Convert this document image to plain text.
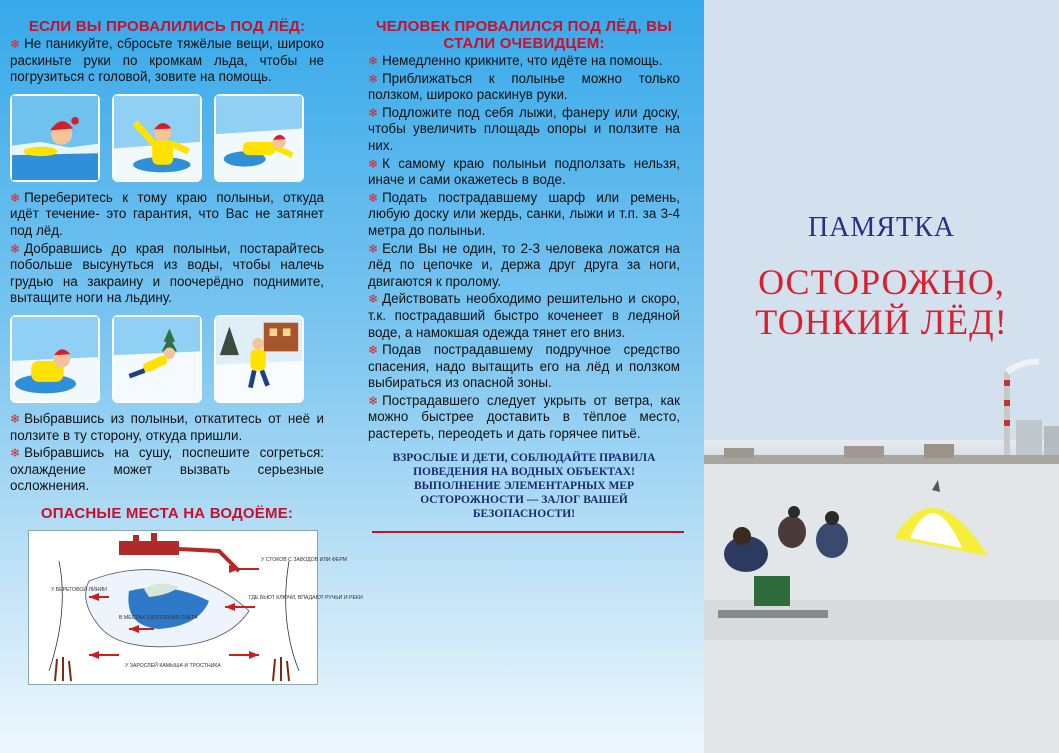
ЕСЛИ ВЫ ПРОВАЛИЛИСЬ ПОД ЛЁД:

❄ Не паникуйте, сбросьте тяжёлые вещи, широко раскиньте руки по кромкам льда, чтобы не погрузиться с головой, зовите на помощь.

❄ Переберитесь к тому краю полыньи, откуда идёт течение- это гарантия, что Вас не затянет под лёд.

❄ Добравшись до края полыньи, постарайтесь побольше высунуться из воды, чтобы налечь грудью на закраину и поочерёдно поднимите, вытащите ноги на льдину.

❄ Выбравшись из полыньи, откатитесь от неё и ползите в ту сторону, откуда пришли.

❄ Выбравшись на сушу, поспешите согреться: охлаждение может вызвать серьезные осложнения.

ОПАСНЫЕ МЕСТА НА ВОДОЁМЕ:
У СТОКОВ С ЗАВОДОВ ИЛИ ФЕРМ
У БЕРЕГОВОЙ ЛИНИИ
ГДЕ БЬЮТ КЛЮЧИ, ВПАДАЮТ РУЧЬИ И РЕКИ
В МЕСТАХ СКОПЛЕНИЯ СНЕГА
У ЗАРОСЛЕЙ КАМЫША И ТРОСТНИКА
ЧЕЛОВЕК ПРОВАЛИЛСЯ ПОД ЛЁД, ВЫ СТАЛИ ОЧЕВИДЦЕМ:

❄ Немедленно крикните, что идёте на помощь.

❄ Приближаться к полынье можно только ползком, широко раскинув руки.

❄ Подложите под себя лыжи, фанеру или доску, чтобы увеличить площадь опоры и ползите на них.

❄ К самому краю полыньи подползать нельзя, иначе и сами окажетесь в воде.

❄ Подать пострадавшему шарф или ремень, любую доску или жердь, санки, лыжи и т.п. за 3-4 метра до полыньи.

❄ Если Вы не один, то 2-3 человека ложатся на лёд по цепочке и, держа друг друга за ноги, двигаются к пролому.

❄ Действовать необходимо решительно и скоро, т.к. пострадавший быстро коченеет в ледяной воде, а намокшая одежда тянет его вниз.

❄ Подав пострадавшему подручное средство спасения, надо вытащить его на лёд и ползком выбираться из опасной зоны.

❄ Пострадавшего следует укрыть от ветра, как можно быстрее доставить в тёплое место, растереть, переодеть и дать горячее питьё.

ВЗРОСЛЫЕ И ДЕТИ, СОБЛЮДАЙТЕ ПРАВИЛА ПОВЕДЕНИЯ НА ВОДНЫХ ОБЪЕКТАХ! ВЫПОЛНЕНИЕ ЭЛЕМЕНТАРНЫХ МЕР ОСТОРОЖНОСТИ — ЗАЛОГ ВАШЕЙ БЕЗОПАСНОСТИ!
ПАМЯТКА
ОСТОРОЖНО,
ТОНКИЙ ЛЁД!
